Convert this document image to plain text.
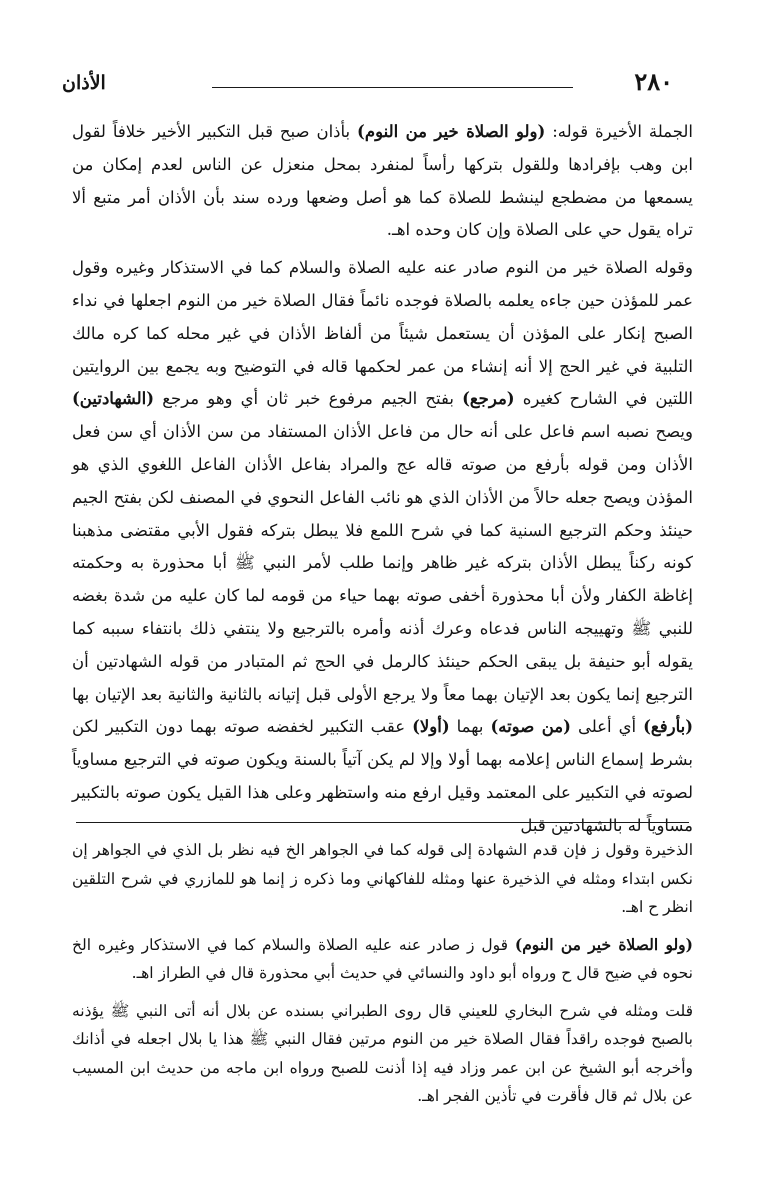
٢٨٠
الأذان

الجملة الأخيرة قوله: (ولو الصلاة خير من النوم) بأذان صبح قبل التكبير الأخير خلافاً لقول ابن وهب بإفرادها وللقول بتركها رأساً لمنفرد بمحل منعزل عن الناس لعدم إمكان من يسمعها من مضطجع لينشط للصلاة كما هو أصل وضعها ورده سند بأن الأذان أمر متبع ألا تراه يقول حي على الصلاة وإن كان وحده اهـ.

وقوله الصلاة خير من النوم صادر عنه عليه الصلاة والسلام كما في الاستذكار وغيره وقول عمر للمؤذن حين جاءه يعلمه بالصلاة فوجده نائماً فقال الصلاة خير من النوم اجعلها في نداء الصبح إنكار على المؤذن أن يستعمل شيئاً من ألفاظ الأذان في غير محله كما كره مالك التلبية في غير الحج إلا أنه إنشاء من عمر لحكمها قاله في التوضيح وبه يجمع بين الروايتين اللتين في الشارح كغيره (مرجع) بفتح الجيم مرفوع خبر ثان أي وهو مرجع (الشهادتين) ويصح نصبه اسم فاعل على أنه حال من فاعل الأذان المستفاد من سن الأذان أي سن فعل الأذان ومن قوله بأرفع من صوته قاله عج والمراد بفاعل الأذان الفاعل اللغوي الذي هو المؤذن ويصح جعله حالاً من الأذان الذي هو نائب الفاعل النحوي في المصنف لكن بفتح الجيم حينئذ وحكم الترجيع السنية كما في شرح اللمع فلا يبطل بتركه فقول الأبي مقتضى مذهبنا كونه ركناً يبطل الأذان بتركه غير ظاهر وإنما طلب لأمر النبي ﷺ أبا محذورة به وحكمته إغاظة الكفار ولأن أبا محذورة أخفى صوته بهما حياء من قومه لما كان عليه من شدة بغضه للنبي ﷺ وتهييجه الناس فدعاه وعرك أذنه وأمره بالترجيع ولا ينتفي ذلك بانتفاء سببه كما يقوله أبو حنيفة بل يبقى الحكم حينئذ كالرمل في الحج ثم المتبادر من قوله الشهادتين أن الترجيع إنما يكون بعد الإتيان بهما معاً ولا يرجع الأولى قبل إتيانه بالثانية والثانية بعد الإتيان بها (بأرفع) أي أعلى (من صوته) بهما (أولا) عقب التكبير لخفضه صوته بهما دون التكبير لكن بشرط إسماع الناس إعلامه بهما أولا وإلا لم يكن آتياً بالسنة ويكون صوته في الترجيع مساوياً لصوته في التكبير على المعتمد وقيل ارفع منه واستظهر وعلى هذا القيل يكون صوته بالتكبير مساوياً له بالشهادتين قبل

الذخيرة وقول ز فإن قدم الشهادة إلى قوله كما في الجواهر الخ فيه نظر بل الذي في الجواهر إن نكس ابتداء ومثله في الذخيرة عنها ومثله للفاكهاني وما ذكره ز إنما هو للمازري في شرح التلقين انظر ح اهـ.

(ولو الصلاة خير من النوم) قول ز صادر عنه عليه الصلاة والسلام كما في الاستذكار وغيره الخ نحوه في ضيح قال ح ورواه أبو داود والنسائي في حديث أبي محذورة قال في الطراز اهـ.

قلت ومثله في شرح البخاري للعيني قال روى الطبراني بسنده عن بلال أنه أتى النبي ﷺ يؤذنه بالصبح فوجده راقداً فقال الصلاة خير من النوم مرتين فقال النبي ﷺ هذا يا بلال اجعله في أذانك وأخرجه أبو الشيخ عن ابن عمر وزاد فيه إذا أذنت للصبح ورواه ابن ماجه من حديث ابن المسيب عن بلال ثم قال فأقرت في تأذين الفجر اهـ.
